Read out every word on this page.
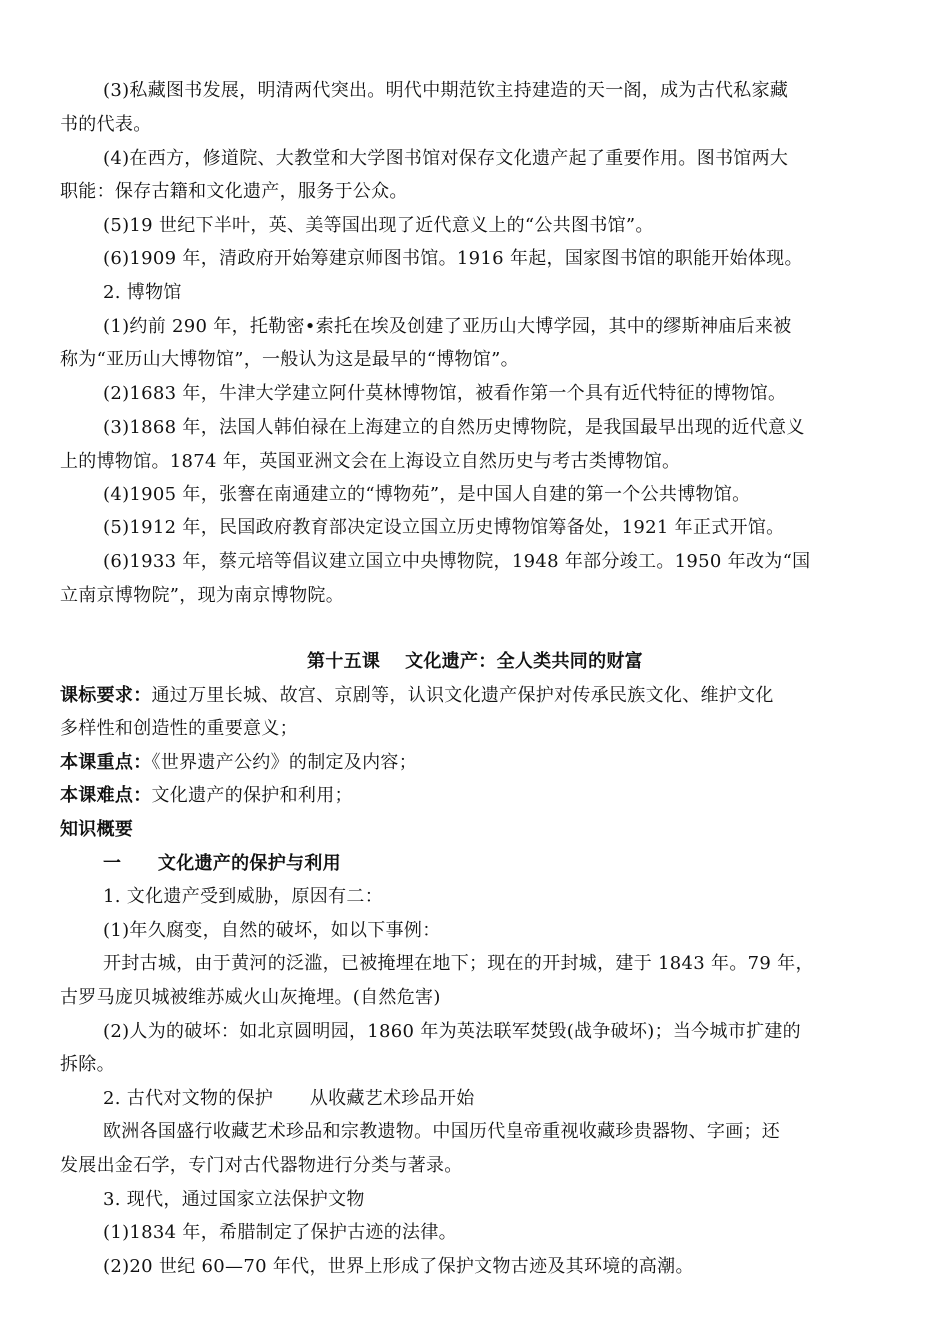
(3)私藏图书发展，明清两代突出。明代中期范钦主持建造的天一阁，成为古代私家藏
书的代表。
(4)在西方，修道院、大教堂和大学图书馆对保存文化遗产起了重要作用。图书馆两大
职能：保存古籍和文化遗产，服务于公众。
(5)19 世纪下半叶，英、美等国出现了近代意义上的“公共图书馆”。
(6)1909 年，清政府开始筹建京师图书馆。1916 年起，国家图书馆的职能开始体现。
2. 博物馆
(1)约前 290 年，托勒密•索托在埃及创建了亚历山大博学园，其中的缪斯神庙后来被
称为“亚历山大博物馆”，一般认为这是最早的“博物馆”。
(2)1683 年，牛津大学建立阿什莫林博物馆，被看作第一个具有近代特征的博物馆。
(3)1868 年，法国人韩伯禄在上海建立的自然历史博物院，是我国最早出现的近代意义
上的博物馆。1874 年，英国亚洲文会在上海设立自然历史与考古类博物馆。
(4)1905 年，张謇在南通建立的“博物苑”，是中国人自建的第一个公共博物馆。
(5)1912 年，民国政府教育部决定设立国立历史博物馆筹备处，1921 年正式开馆。
(6)1933 年，蔡元培等倡议建立国立中央博物院，1948 年部分竣工。1950 年改为“国
立南京博物院”，现为南京博物院。
第十五课　 文化遗产：全人类共同的财富
课标要求：通过万里长城、故宫、京剧等，认识文化遗产保护对传承民族文化、维护文化
多样性和创造性的重要意义；
本课重点：《世界遗产公约》的制定及内容；
本课难点：文化遗产的保护和利用；
知识概要
一　　文化遗产的保护与利用
1. 文化遗产受到威胁，原因有二：
(1)年久腐变，自然的破坏，如以下事例：
开封古城，由于黄河的泛滥，已被掩埋在地下；现在的开封城，建于 1843 年。79 年，
古罗马庞贝城被维苏威火山灰掩埋。(自然危害)
(2)人为的破坏：如北京圆明园，1860 年为英法联军焚毁(战争破坏)；当今城市扩建的
拆除。
2. 古代对文物的保护　　从收藏艺术珍品开始
欧洲各国盛行收藏艺术珍品和宗教遗物。中国历代皇帝重视收藏珍贵器物、字画；还
发展出金石学，专门对古代器物进行分类与著录。
3. 现代，通过国家立法保护文物
(1)1834 年，希腊制定了保护古迹的法律。
(2)20 世纪 60—70 年代，世界上形成了保护文物古迹及其环境的高潮。
